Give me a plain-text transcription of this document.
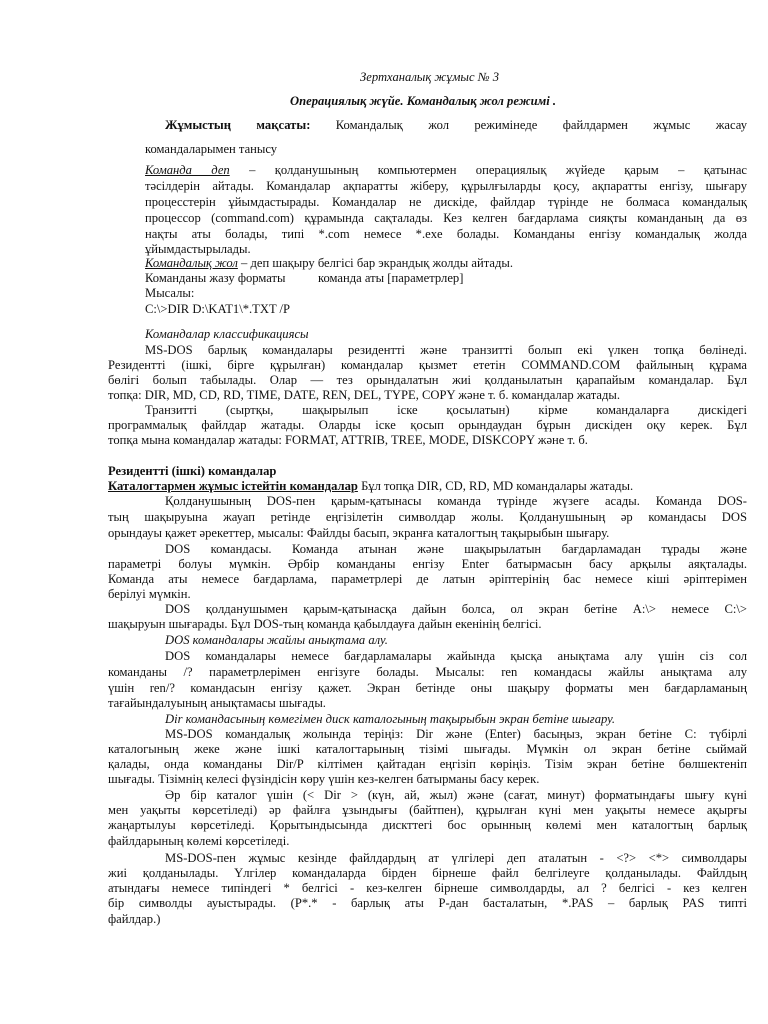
Зертханалық жұмыс № 3
Операциялық жүйе. Командалық жол режимі .
Жұмыстың мақсаты: Командалық жол режимінеде файлдармен жұмыс жасау
командаларымен танысу
Команда деп – қолданушының компьютермен операциялық жүйеде қарым – қатынас
тәсілдерін айтады. Командалар ақпаратты жіберу, құрылғыларды қосу, ақпаратты енгізу, шығару
процесстерін ұйымдастырады. Командалар не дискіде, файлдар түрінде не болмаса командалық
процессор (command.com) құрамында сақталады. Кез келген бағдарлама сияқты команданың да өз
нақты аты болады, типі *.com немесе *.exe болады. Команданы енгізу командалық жолда
ұйымдастырылады.
Командалық жол – деп шақыру белгісі бар экрандық жолды айтады.
Команданы жазу форматы	команда аты [параметрлер]
Мысалы:
C:\>DIR D:\KAT1\*.TXT /P
Командалар классификациясы
MS-DOS барлық командалары резидентті және транзитті болып екі үлкен топқа бөлінеді.
Резидентті (ішкі, бірге құрылған) командалар қызмет ететін COMMAND.COM файлының құрама
бөлігі болып табылады. Олар — тез орындалатын жиі қолданылатын қарапайым командалар. Бұл
топқа: DIR, MD, CD, RD, TIME, DATE, REN, DEL, TYPE, COPY және т. б. командалар жатады.
Транзитті (сыртқы, шақырылып іске қосылатын) кірме командаларға дискідегі
программалық файлдар жатады. Оларды іске қосып орындаудан бұрын дискіден оқу керек. Бұл
топқа мына командалар жатады: FORMAT, ATTRIB, TREE, MODE, DISKCOPY және т. б.
Резидентті (ішкі) командалар
Каталогтармен жұмыс істейтін командалар Бұл топқа DIR, CD, RD, MD командалары жатады.
Қолданушының DOS-пен қарым-қатынасы команда түрінде жүзеге асады. Команда DOS-
тың шақыруына жауап ретінде еңгізілетін символдар жолы. Қолданушының әр командасы DOS
орындауы қажет әрекеттер, мысалы: Файлды басып, экранға каталогтың тақырыбын шығару.
DOS командасы. Команда атынан және шақырылатын бағдарламадан тұрады және
параметрі болуы мүмкін. Әрбір команданы енгізу Enter батырмасын басу арқылы аяқталады.
Команда аты немесе бағдарлама, параметрлері де латын әріптерінің бас немесе кіші әріптерімен
берілуі мүмкін.
DOS қолданушымен қарым-қатынасқа дайын болса, ол экран бетіне A:\> немесе C:\>
шақыруын шығарады. Бұл DOS-тың команда қабылдауға дайын екенінің белгісі.
DOS командалары жайлы анықтама алу.
DOS командалары немесе бағдарламалары жайында қысқа анықтама алу үшін сіз сол
команданы /? параметрлерімен енгізуге болады. Мысалы: ren командасы жайлы анықтама алу
үшін ren/? командасын енгізу қажет. Экран бетінде оны шақыру форматы мен бағдарламаның
тағайындалуының анықтамасы шығады.
Dir командасының көмегімен диск каталогының тақырыбын экран бетіне шығару.
MS-DOS командалық жолында теріңіз: Dir және (Enter) басыңыз, экран бетіне С: түбірлі
каталогының жеке және ішкі каталогтарының тізімі шығады. Мүмкін ол экран бетіне сыймай
қалады, онда команданы Dir/P кілтімен қайтадан еңгізіп көріңіз. Тізім экран бетіне бөлшектеніп
шығады. Тізімнің келесі фүзіндісін көру үшін кез-келген батырманы басу керек.
Әр бір каталог үшін (< Dir > (күн, ай, жыл) және (сағат, минут) форматындағы шығу күні
мен уақыты көрсетіледі) әр файлға ұзындығы (байтпен), құрылған күні мен уақыты немесе ақырғы
жаңартылуы көрсетіледі. Қорытындысында дискттегі бос орынның көлемі мен каталогтың барлық
файлдарының көлемі көрсетіледі.
MS-DOS-пен жұмыс кезінде файлдардың ат үлгілері деп аталатын - <?> <*> символдары
жиі қолданылады. Үлгілер командаларда бірден бірнеше файл белгілеуге қолданылады. Файлдың
атындағы немесе типіндегі * белгісі - кез-келген бірнеше символдарды, ал ? белгісі - кез келген
бір символды ауыстырады. (Р*.* - барлық аты Р-дан басталатын, *.PAS – барлық PAS типті
файлдар.)
